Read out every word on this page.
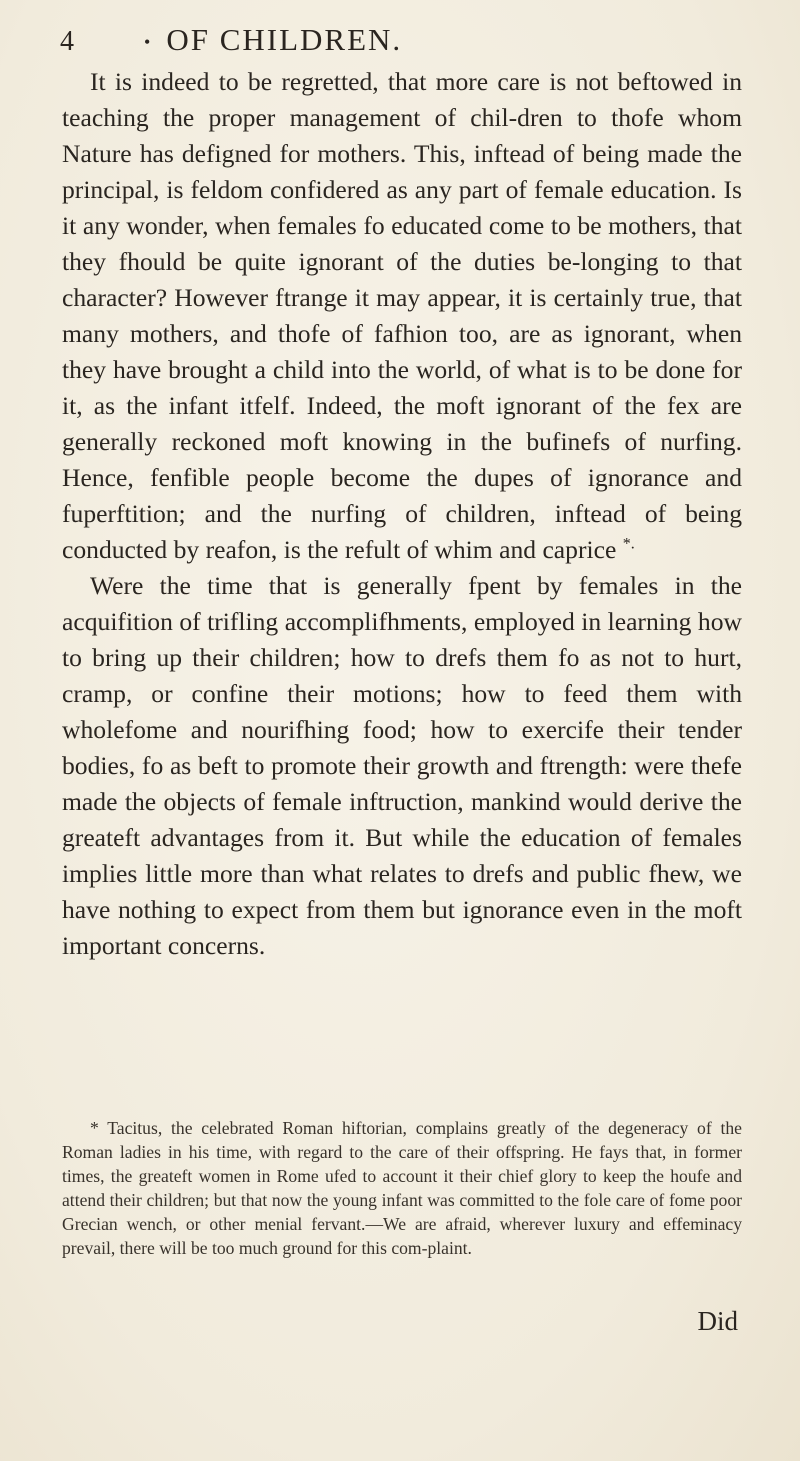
4	• OF CHILDREN.

It is indeed to be regretted, that more care is not beftowed in teaching the proper management of chil-dren to thofe whom Nature has defigned for mothers. This, inftead of being made the principal, is feldom confidered as any part of female education. Is it any wonder, when females fo educated come to be mothers, that they fhould be quite ignorant of the duties be-longing to that character? However ftrange it may appear, it is certainly true, that many mothers, and thofe of fafhion too, are as ignorant, when they have brought a child into the world, of what is to be done for it, as the infant itfelf. Indeed, the moft ignorant of the fex are generally reckoned moft knowing in the bufinefs of nurfing. Hence, fenfible people become the dupes of ignorance and fuperftition; and the nurfing of children, inftead of being conducted by reafon, is the refult of whim and caprice *.

Were the time that is generally fpent by females in the acquifition of trifling accomplifhments, employed in learning how to bring up their children; how to drefs them fo as not to hurt, cramp, or confine their motions; how to feed them with wholefome and nourifhing food; how to exercife their tender bodies, fo as beft to promote their growth and ftrength: were thefe made the objects of female inftruction, mankind would derive the greateft advantages from it. But while the education of females implies little more than what relates to drefs and public fhew, we have nothing to expect from them but ignorance even in the moft important concerns.

* Tacitus, the celebrated Roman hiftorian, complains greatly of the degeneracy of the Roman ladies in his time, with regard to the care of their offspring. He fays that, in former times, the greateft women in Rome ufed to account it their chief glory to keep the houfe and attend their children; but that now the young infant was committed to the fole care of fome poor Grecian wench, or other menial fervant.—We are afraid, wherever luxury and effeminacy prevail, there will be too much ground for this com-plaint.

Did
